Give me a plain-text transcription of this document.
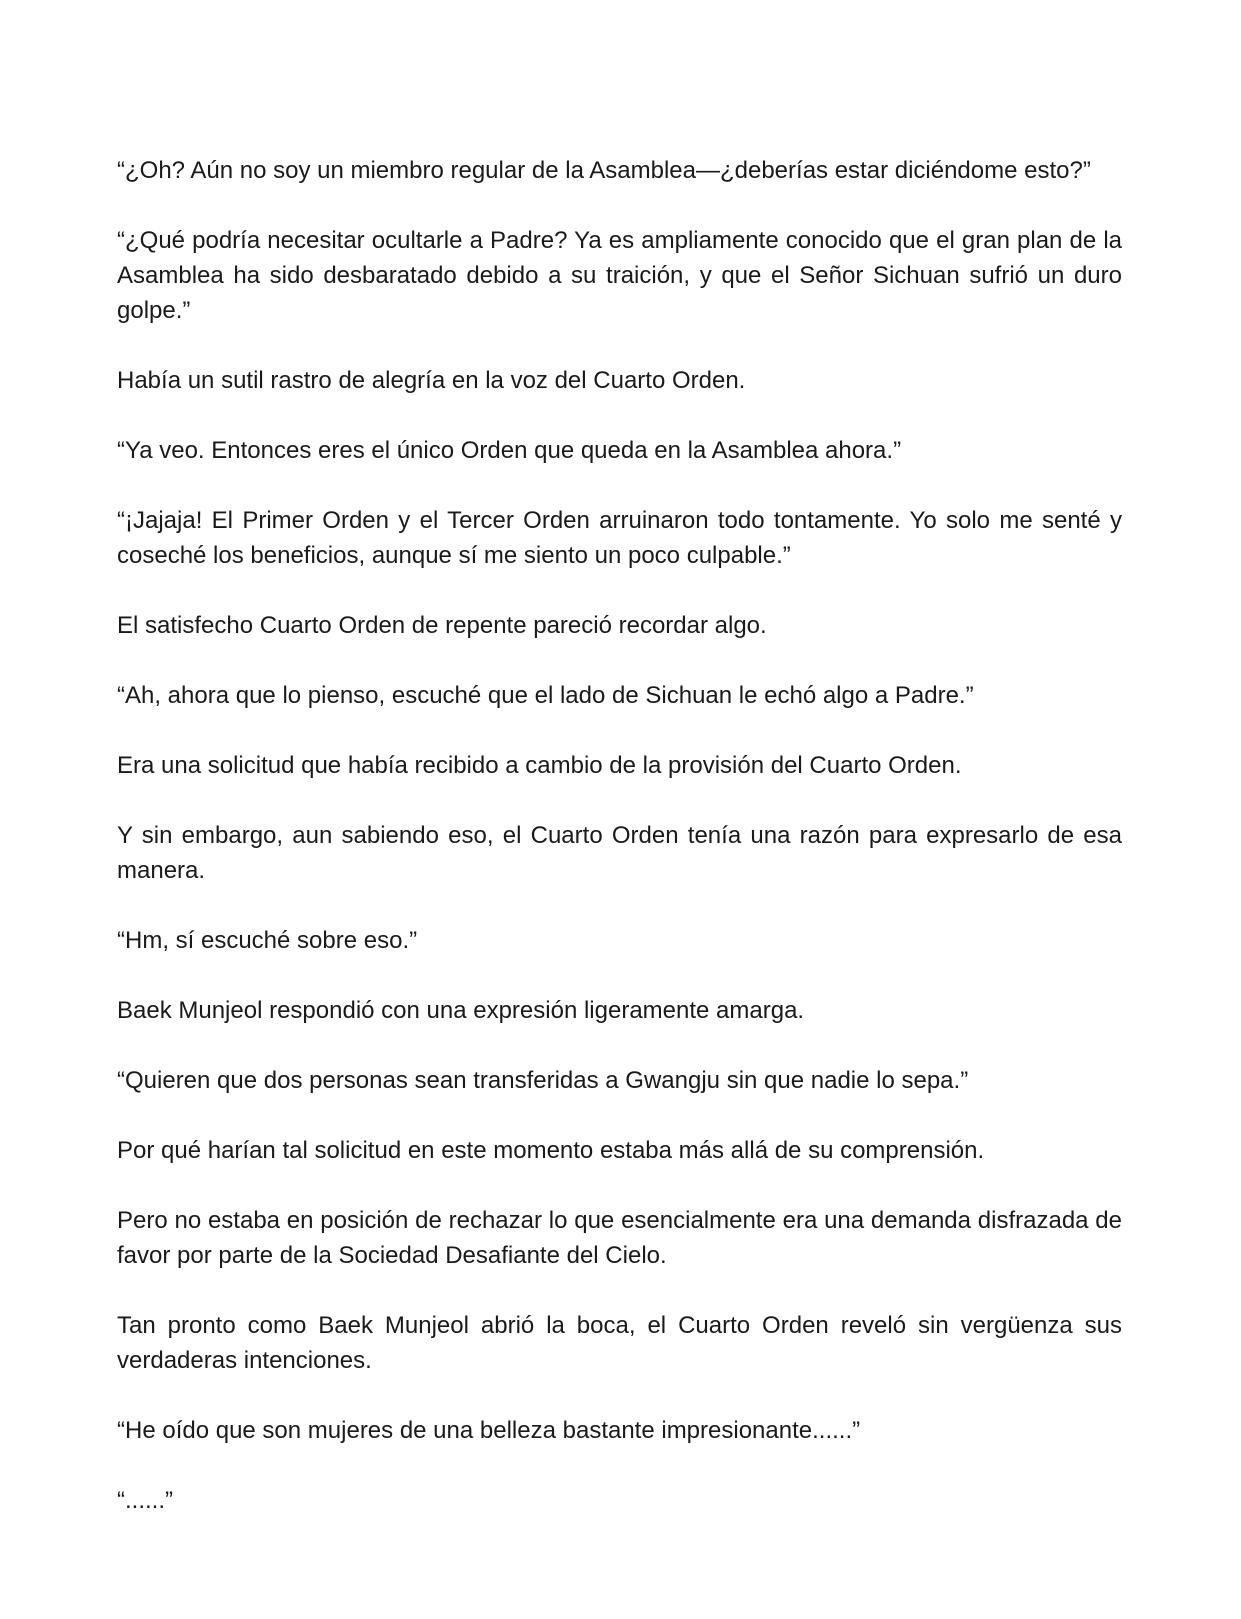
“¿Oh? Aún no soy un miembro regular de la Asamblea—¿deberías estar diciéndome esto?”

“¿Qué podría necesitar ocultarle a Padre? Ya es ampliamente conocido que el gran plan de la Asamblea ha sido desbaratado debido a su traición, y que el Señor Sichuan sufrió un duro golpe.”

Había un sutil rastro de alegría en la voz del Cuarto Orden.

“Ya veo. Entonces eres el único Orden que queda en la Asamblea ahora.”

“¡Jajaja! El Primer Orden y el Tercer Orden arruinaron todo tontamente. Yo solo me senté y coseché los beneficios, aunque sí me siento un poco culpable.”

El satisfecho Cuarto Orden de repente pareció recordar algo.

“Ah, ahora que lo pienso, escuché que el lado de Sichuan le echó algo a Padre.”

Era una solicitud que había recibido a cambio de la provisión del Cuarto Orden.

Y sin embargo, aun sabiendo eso, el Cuarto Orden tenía una razón para expresarlo de esa manera.

“Hm, sí escuché sobre eso.”

Baek Munjeol respondió con una expresión ligeramente amarga.

“Quieren que dos personas sean transferidas a Gwangju sin que nadie lo sepa.”

Por qué harían tal solicitud en este momento estaba más allá de su comprensión.

Pero no estaba en posición de rechazar lo que esencialmente era una demanda disfrazada de favor por parte de la Sociedad Desafiante del Cielo.

Tan pronto como Baek Munjeol abrió la boca, el Cuarto Orden reveló sin vergüenza sus verdaderas intenciones.

“He oído que son mujeres de una belleza bastante impresionante......”

“......”
